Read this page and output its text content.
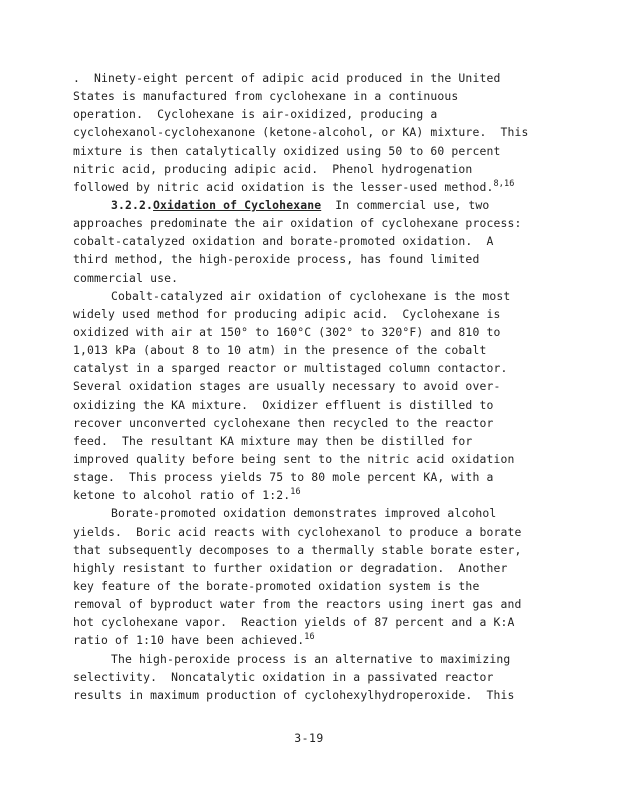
.  Ninety-eight percent of adipic acid produced in the United
States is manufactured from cyclohexane in a continuous
operation.  Cyclohexane is air-oxidized, producing a
cyclohexanol-cyclohexanone (ketone-alcohol, or KA) mixture.  This
mixture is then catalytically oxidized using 50 to 60 percent
nitric acid, producing adipic acid.  Phenol hydrogenation
followed by nitric acid oxidation is the lesser-used method.$^{8,16}$
3.2.2.Oxidation of Cyclohexane  In commercial use, two
approaches predominate the air oxidation of cyclohexane process:
cobalt-catalyzed oxidation and borate-promoted oxidation.  A
third method, the high-peroxide process, has found limited
commercial use.
Cobalt-catalyzed air oxidation of cyclohexane is the most
widely used method for producing adipic acid.  Cyclohexane is
oxidized with air at 150° to 160°C (302° to 320°F) and 810 to
1,013 kPa (about 8 to 10 atm) in the presence of the cobalt
catalyst in a sparged reactor or multistaged column contactor.
Several oxidation stages are usually necessary to avoid over-
oxidizing the KA mixture.  Oxidizer effluent is distilled to
recover unconverted cyclohexane then recycled to the reactor
feed.  The resultant KA mixture may then be distilled for
improved quality before being sent to the nitric acid oxidation
stage.  This process yields 75 to 80 mole percent KA, with a
ketone to alcohol ratio of 1:2.16
Borate-promoted oxidation demonstrates improved alcohol
yields.  Boric acid reacts with cyclohexanol to produce a borate
that subsequently decomposes to a thermally stable borate ester,
highly resistant to further oxidation or degradation.  Another
key feature of the borate-promoted oxidation system is the
removal of byproduct water from the reactors using inert gas and
hot cyclohexane vapor.  Reaction yields of 87 percent and a K:A
ratio of 1:10 have been achieved.$^{16}$
The high-peroxide process is an alternative to maximizing
selectivity.  Noncatalytic oxidation in a passivated reactor
results in maximum production of cyclohexylhydroperoxide.  This
3-19
